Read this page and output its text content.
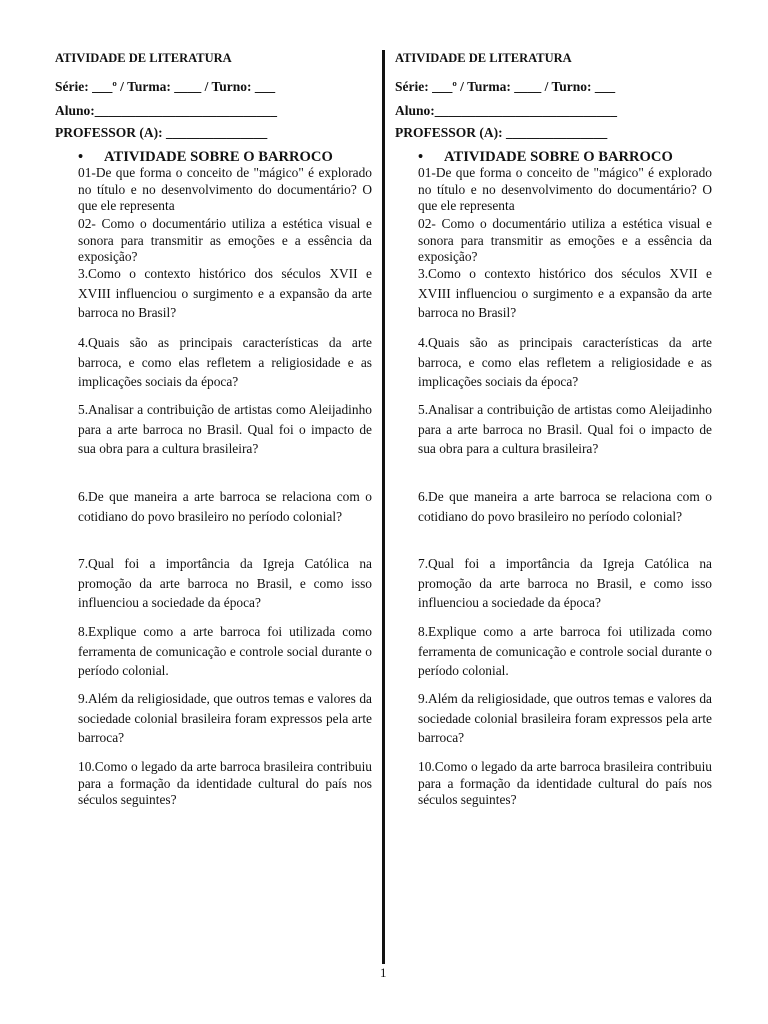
ATIVIDADE DE LITERATURA
Série: ___º / Turma: ____ / Turno: ___
Aluno:___________________________
PROFESSOR (A): _______________
• ATIVIDADE SOBRE O BARROCO

01-De que forma o conceito de "mágico" é explorado no título e no desenvolvimento do documentário? O que ele representa

02- Como o documentário utiliza a estética visual e sonora para transmitir as emoções e a essência da exposição?

3.Como o contexto histórico dos séculos XVII e XVIII influenciou o surgimento e a expansão da arte barroca no Brasil?

4.Quais são as principais características da arte barroca, e como elas refletem a religiosidade e as implicações sociais da época?

5.Analisar a contribuição de artistas como Aleijadinho para a arte barroca no Brasil. Qual foi o impacto de sua obra para a cultura brasileira?

6.De que maneira a arte barroca se relaciona com o cotidiano do povo brasileiro no período colonial?

7.Qual foi a importância da Igreja Católica na promoção da arte barroca no Brasil, e como isso influenciou a sociedade da época?

8.Explique como a arte barroca foi utilizada como ferramenta de comunicação e controle social durante o período colonial.

9.Além da religiosidade, que outros temas e valores da sociedade colonial brasileira foram expressos pela arte barroca?

10.Como o legado da arte barroca brasileira contribuiu para a formação da identidade cultural do país nos séculos seguintes?

ATIVIDADE DE LITERATURA
Série: ___º / Turma: ____ / Turno: ___
Aluno:___________________________
PROFESSOR (A): _______________
• ATIVIDADE SOBRE O BARROCO

01-De que forma o conceito de "mágico" é explorado no título e no desenvolvimento do documentário? O que ele representa

02- Como o documentário utiliza a estética visual e sonora para transmitir as emoções e a essência da exposição?

3.Como o contexto histórico dos séculos XVII e XVIII influenciou o surgimento e a expansão da arte barroca no Brasil?

4.Quais são as principais características da arte barroca, e como elas refletem a religiosidade e as implicações sociais da época?

5.Analisar a contribuição de artistas como Aleijadinho para a arte barroca no Brasil. Qual foi o impacto de sua obra para a cultura brasileira?

6.De que maneira a arte barroca se relaciona com o cotidiano do povo brasileiro no período colonial?

7.Qual foi a importância da Igreja Católica na promoção da arte barroca no Brasil, e como isso influenciou a sociedade da época?

8.Explique como a arte barroca foi utilizada como ferramenta de comunicação e controle social durante o período colonial.

9.Além da religiosidade, que outros temas e valores da sociedade colonial brasileira foram expressos pela arte barroca?

10.Como o legado da arte barroca brasileira contribuiu para a formação da identidade cultural do país nos séculos seguintes?

1
